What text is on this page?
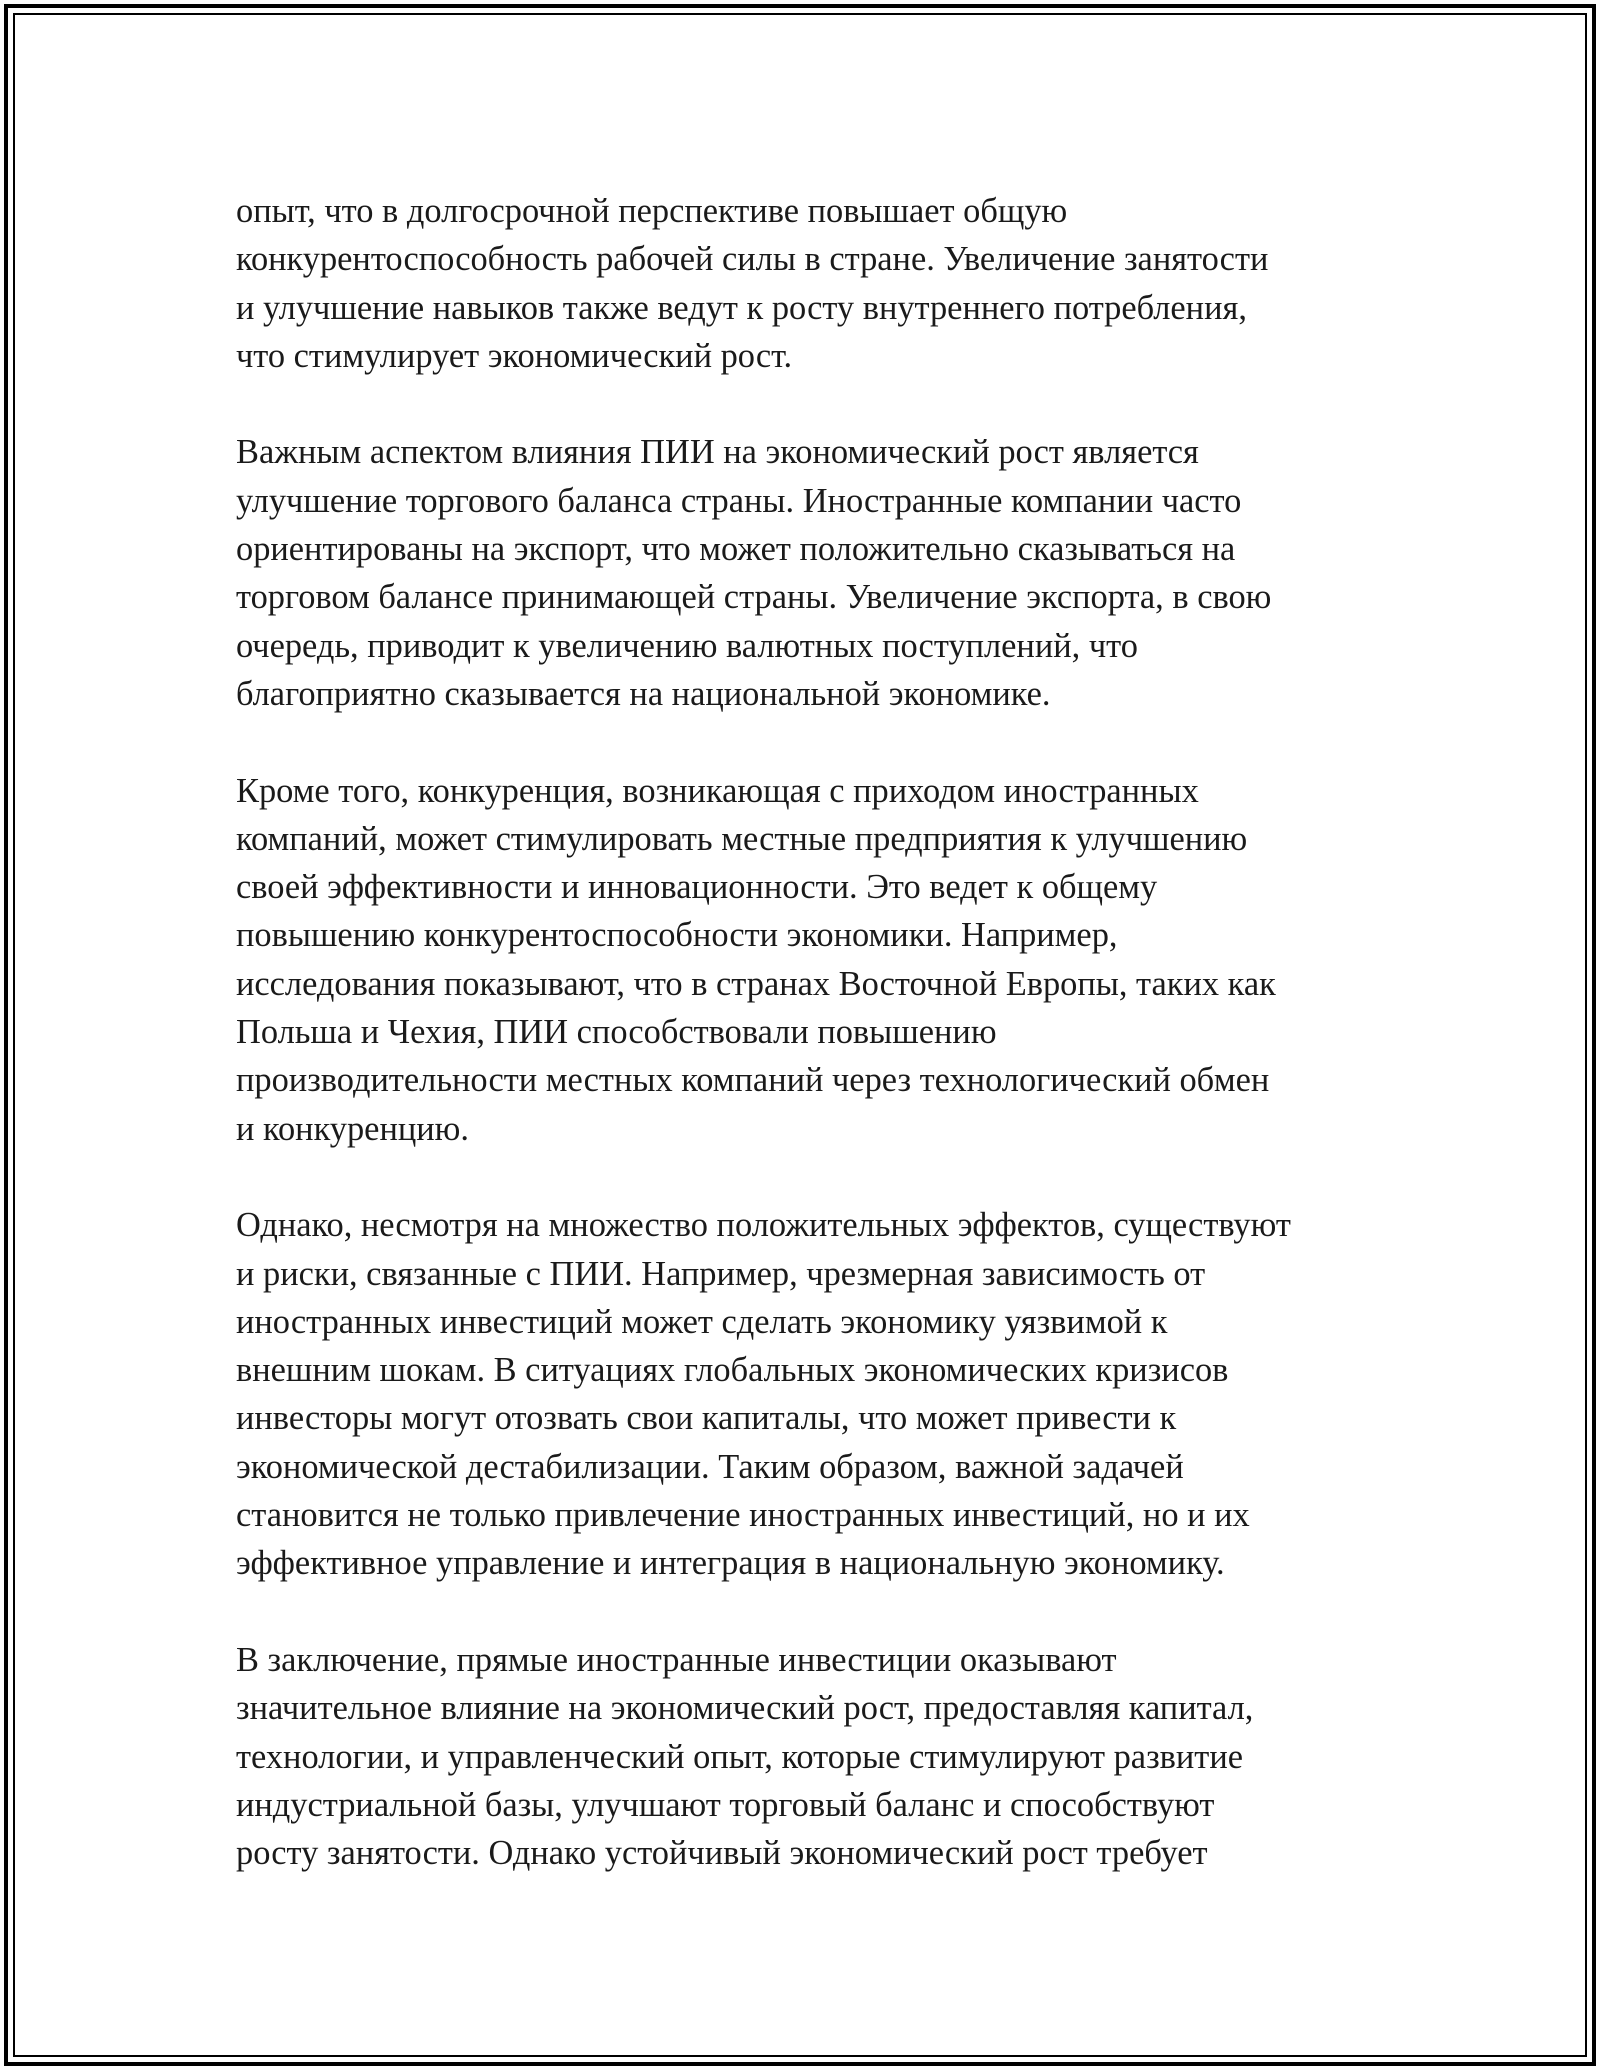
опыт, что в долгосрочной перспективе повышает общую
конкурентоспособность рабочей силы в стране. Увеличение занятости
и улучшение навыков также ведут к росту внутреннего потребления,
что стимулирует экономический рост.

Важным аспектом влияния ПИИ на экономический рост является
улучшение торгового баланса страны. Иностранные компании часто
ориентированы на экспорт, что может положительно сказываться на
торговом балансе принимающей страны. Увеличение экспорта, в свою
очередь, приводит к увеличению валютных поступлений, что
благоприятно сказывается на национальной экономике.

Кроме того, конкуренция, возникающая с приходом иностранных
компаний, может стимулировать местные предприятия к улучшению
своей эффективности и инновационности. Это ведет к общему
повышению конкурентоспособности экономики. Например,
исследования показывают, что в странах Восточной Европы, таких как
Польша и Чехия, ПИИ способствовали повышению
производительности местных компаний через технологический обмен
и конкуренцию.

Однако, несмотря на множество положительных эффектов, существуют
и риски, связанные с ПИИ. Например, чрезмерная зависимость от
иностранных инвестиций может сделать экономику уязвимой к
внешним шокам. В ситуациях глобальных экономических кризисов
инвесторы могут отозвать свои капиталы, что может привести к
экономической дестабилизации. Таким образом, важной задачей
становится не только привлечение иностранных инвестиций, но и их
эффективное управление и интеграция в национальную экономику.

В заключение, прямые иностранные инвестиции оказывают
значительное влияние на экономический рост, предоставляя капитал,
технологии, и управленческий опыт, которые стимулируют развитие
индустриальной базы, улучшают торговый баланс и способствуют
росту занятости. Однако устойчивый экономический рост требует
